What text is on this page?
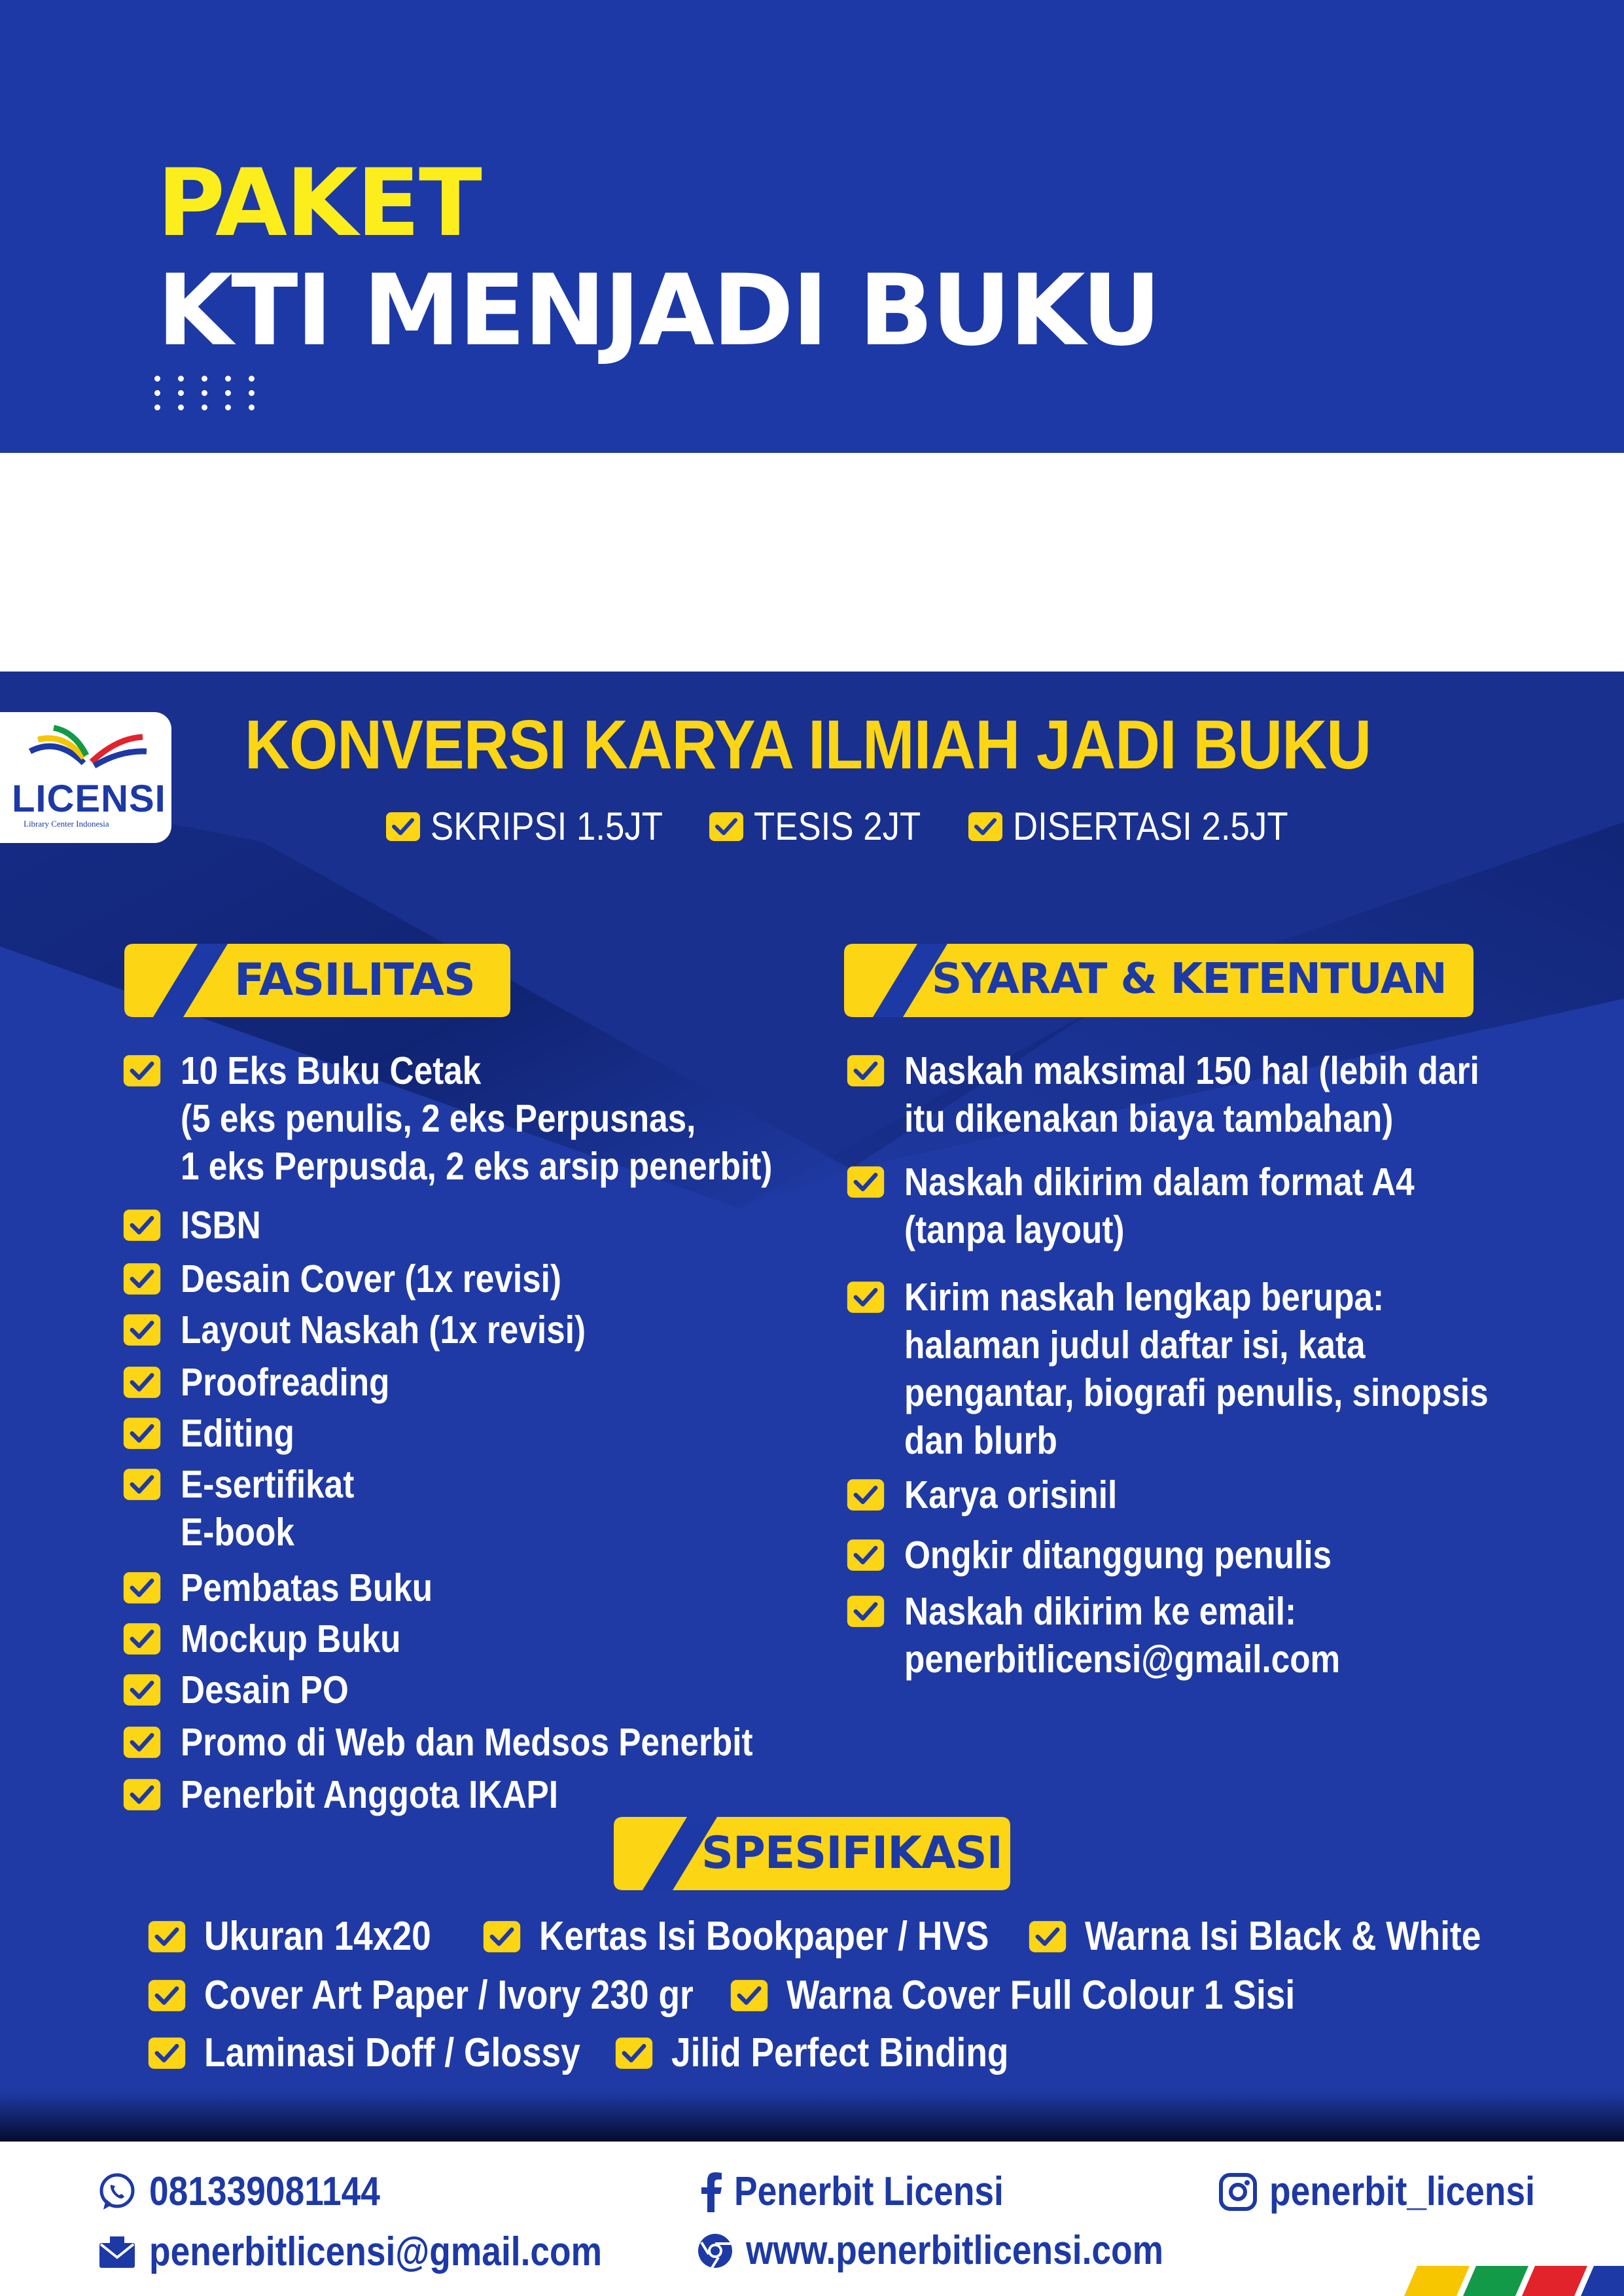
PAKET
KTI MENJADI BUKU
LICENSI
Library Center Indonesia
KONVERSI KARYA ILMIAH JADI BUKU
SKRIPSI 1.5JT TESIS 2JT DISERTASI 2.5JT
FASILITAS	SYARAT & KETENTUAN
10 Eks Buku Cetak
(5 eks penulis, 2 eks Perpusnas,
1 eks Perpusda, 2 eks arsip penerbit)
ISBN
Desain Cover (1x revisi)
Layout Naskah (1x revisi)
Proofreading
Editing
E-sertifikat
E-book
Pembatas Buku
Mockup Buku
Desain PO
Promo di Web dan Medsos Penerbit
Penerbit Anggota IKAPI
Naskah maksimal 150 hal (lebih dari
itu dikenakan biaya tambahan)
Naskah dikirim dalam format A4
(tanpa layout)
Kirim naskah lengkap berupa:
halaman judul daftar isi, kata
pengantar, biografi penulis, sinopsis
dan blurb
Karya orisinil
Ongkir ditanggung penulis
Naskah dikirim ke email:
penerbitlicensi@gmail.com
SPESIFIKASI
Ukuran 14x20	Kertas Isi Bookpaper / HVS Warna Isi Black & White
Cover Art Paper / Ivory 230 gr Warna Cover Full Colour 1 Sisi
Laminasi Doff / Glossy Jilid Perfect Binding
081339081144
penerbitlicensi@gmail.com
Penerbit Licensi
www.penerbitlicensi.com
penerbit_licensi
